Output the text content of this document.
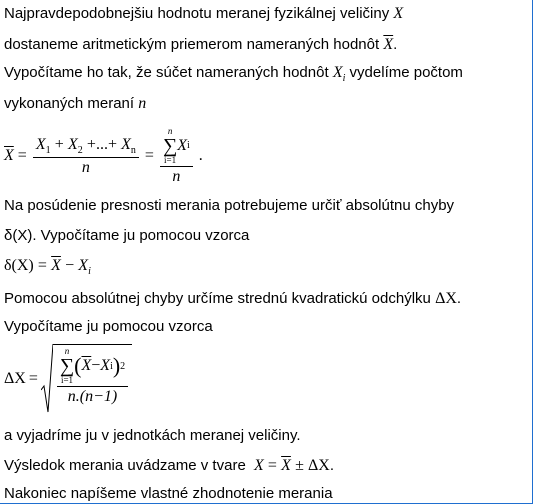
Najpravdepodobnejšiu hodnotu meranej fyzikálnej veličiny X
dostaneme aritmetickým priemerom nameraných hodnôt $\overline{X}$.
Vypočítame ho tak, že súčet nameraných hodnôt $X_i$ vydelíme počtom
vykonaných meraní n
$\overline{X} = \frac{X_1 + X_2 +...+ X_n}{n} = n$
∑
i=1
X i
n .
Na posúdenie presnosti merania potrebujeme určiť absolútnu chyby
δ(X). Vypočítame ju pomocou vzorca
$\delta(X) = \overline{X} - X_i$
Pomocou absolútnej chyby určíme strednú kvadratickú odchýlku ΔX.
Vypočítame ju pomocou vzorca
ΔX =
n
∑
i=1
( $\overline{X} - X$ i ) 2
n.(n−1)
a vyjadríme ju v jednotkách meranej veličiny.
Výsledok merania uvádzame v tvare $X = \overline{X} \pm \Delta X$.
Nakoniec napíšeme vlastné zhodnotenie merania
